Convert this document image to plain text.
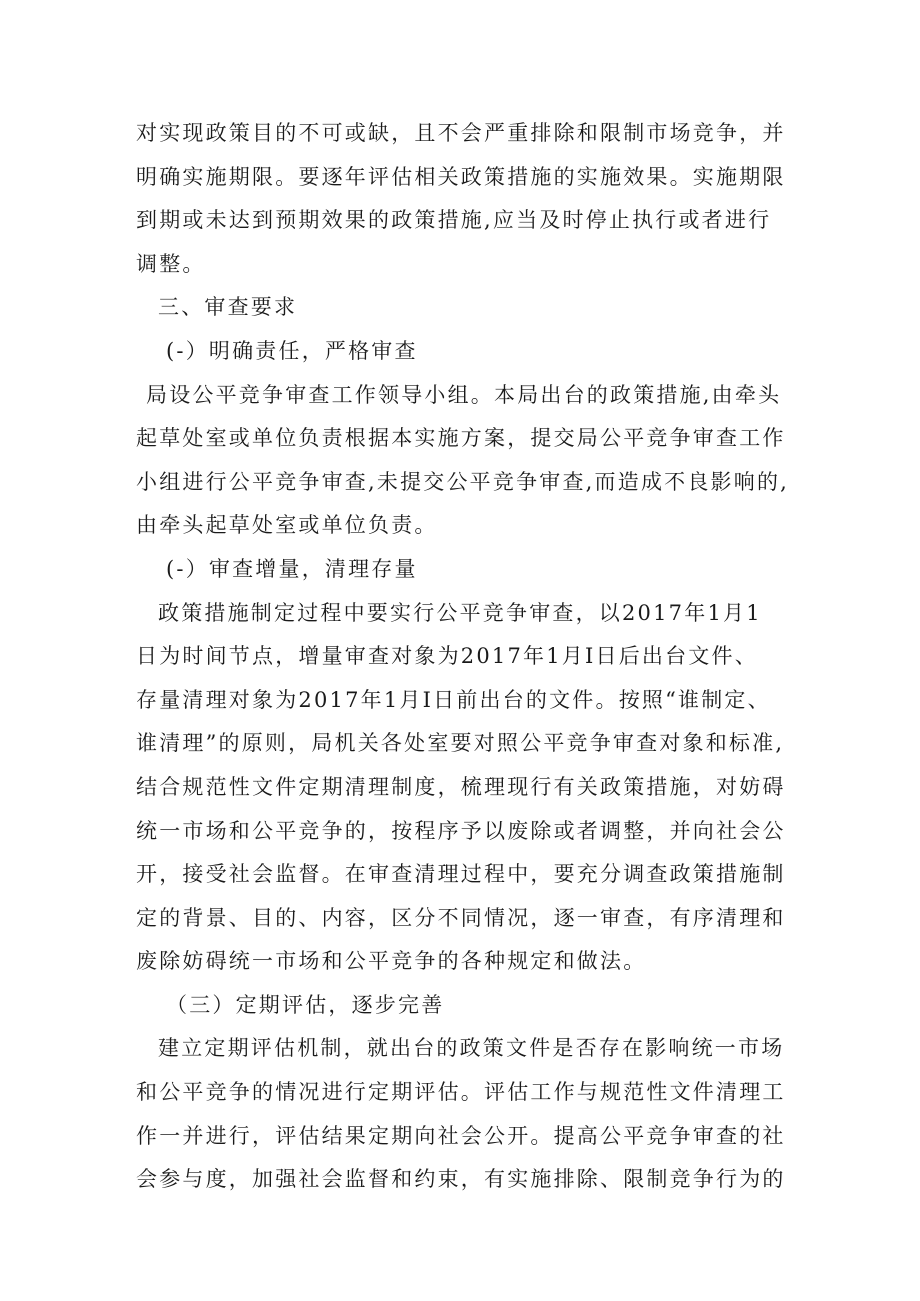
对实现政策目的不可或缺，且不会严重排除和限制市场竞争，并
明确实施期限。要逐年评估相关政策措施的实施效果。实施期限
到期或未达到预期效果的政策措施,应当及时停止执行或者进行
调整。
三、审查要求
(-）明确责任，严格审查
局设公平竞争审查工作领导小组。本局出台的政策措施,由牵头
起草处室或单位负责根据本实施方案，提交局公平竞争审查工作
小组进行公平竞争审查,未提交公平竞争审查,而造成不良影响的,
由牵头起草处室或单位负责。
(-）审查增量，清理存量
政策措施制定过程中要实行公平竞争审查，以2017年1月1
日为时间节点，增量审查对象为2017年1月I日后出台文件、
存量清理对象为2017年1月I日前出台的文件。按照“谁制定、
谁清理”的原则，局机关各处室要对照公平竞争审查对象和标准,
结合规范性文件定期清理制度，梳理现行有关政策措施，对妨碍
统一市场和公平竞争的，按程序予以废除或者调整，并向社会公
开，接受社会监督。在审查清理过程中，要充分调查政策措施制
定的背景、目的、内容，区分不同情况，逐一审查，有序清理和
废除妨碍统一市场和公平竞争的各种规定和做法。
（三）定期评估，逐步完善
建立定期评估机制，就出台的政策文件是否存在影响统一市场
和公平竞争的情况进行定期评估。评估工作与规范性文件清理工
作一并进行，评估结果定期向社会公开。提高公平竞争审查的社
会参与度，加强社会监督和约束，有实施排除、限制竞争行为的
